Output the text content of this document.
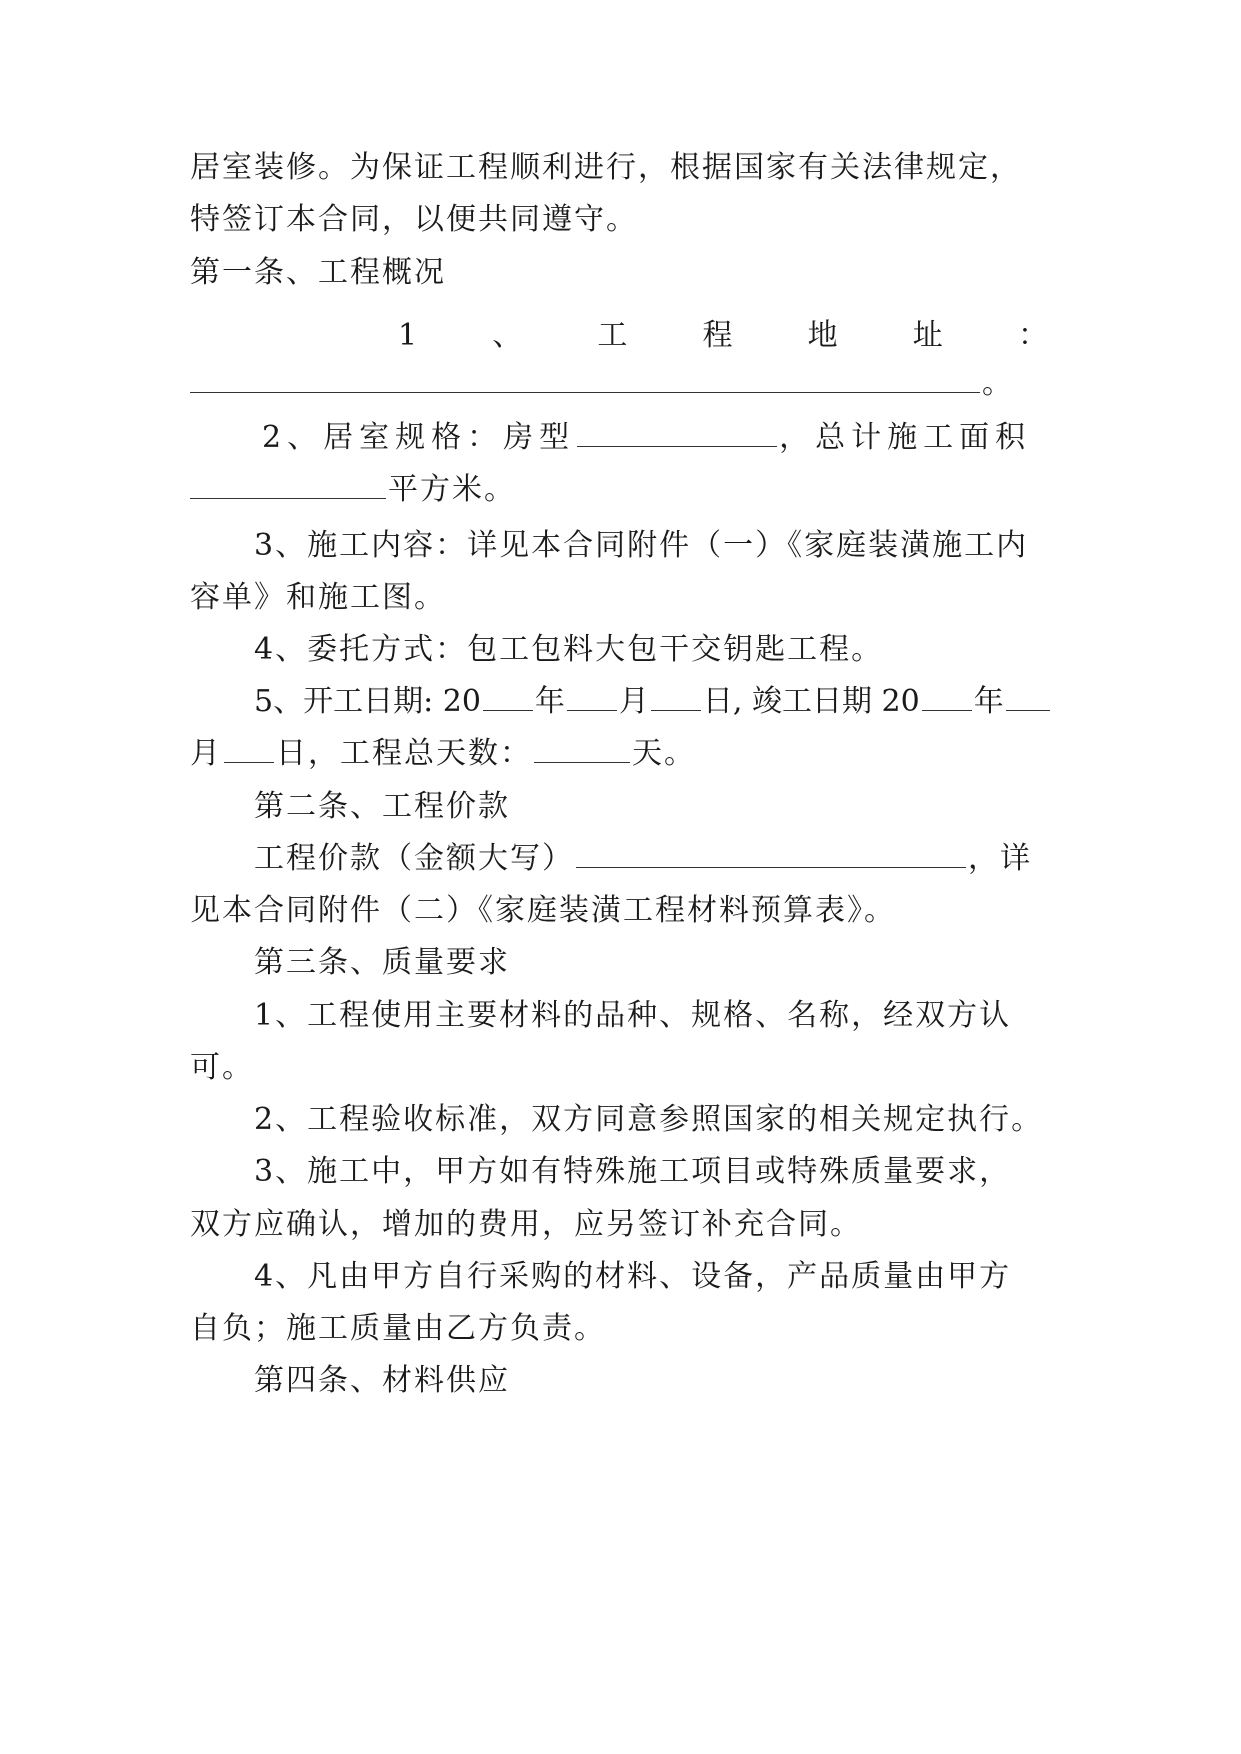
居室装修。为保证工程顺利进行，根据国家有关法律规定，
特签订本合同，以便共同遵守。
第一条、工程概况
1 、 工 程 地 址 ：
。
2、居室规格：房型	，总计施工面积
平方米。
3、施工内容：详见本合同附件（一）《家庭装潢施工内
容单》和施工图。
4、委托方式：包工包料大包干交钥匙工程。
5、开工日期: 20 年 月 日, 竣工日期 20 年
月 日，工程总天数：	天。
第二条、工程价款
工程价款（金额大写）	，详
见本合同附件（二）《家庭装潢工程材料预算表》。
第三条、质量要求
1、工程使用主要材料的品种、规格、名称，经双方认
可。
2、工程验收标准，双方同意参照国家的相关规定执行。
3、施工中，甲方如有特殊施工项目或特殊质量要求，
双方应确认，增加的费用，应另签订补充合同。
4、凡由甲方自行采购的材料、设备，产品质量由甲方
自负；施工质量由乙方负责。
第四条、材料供应
